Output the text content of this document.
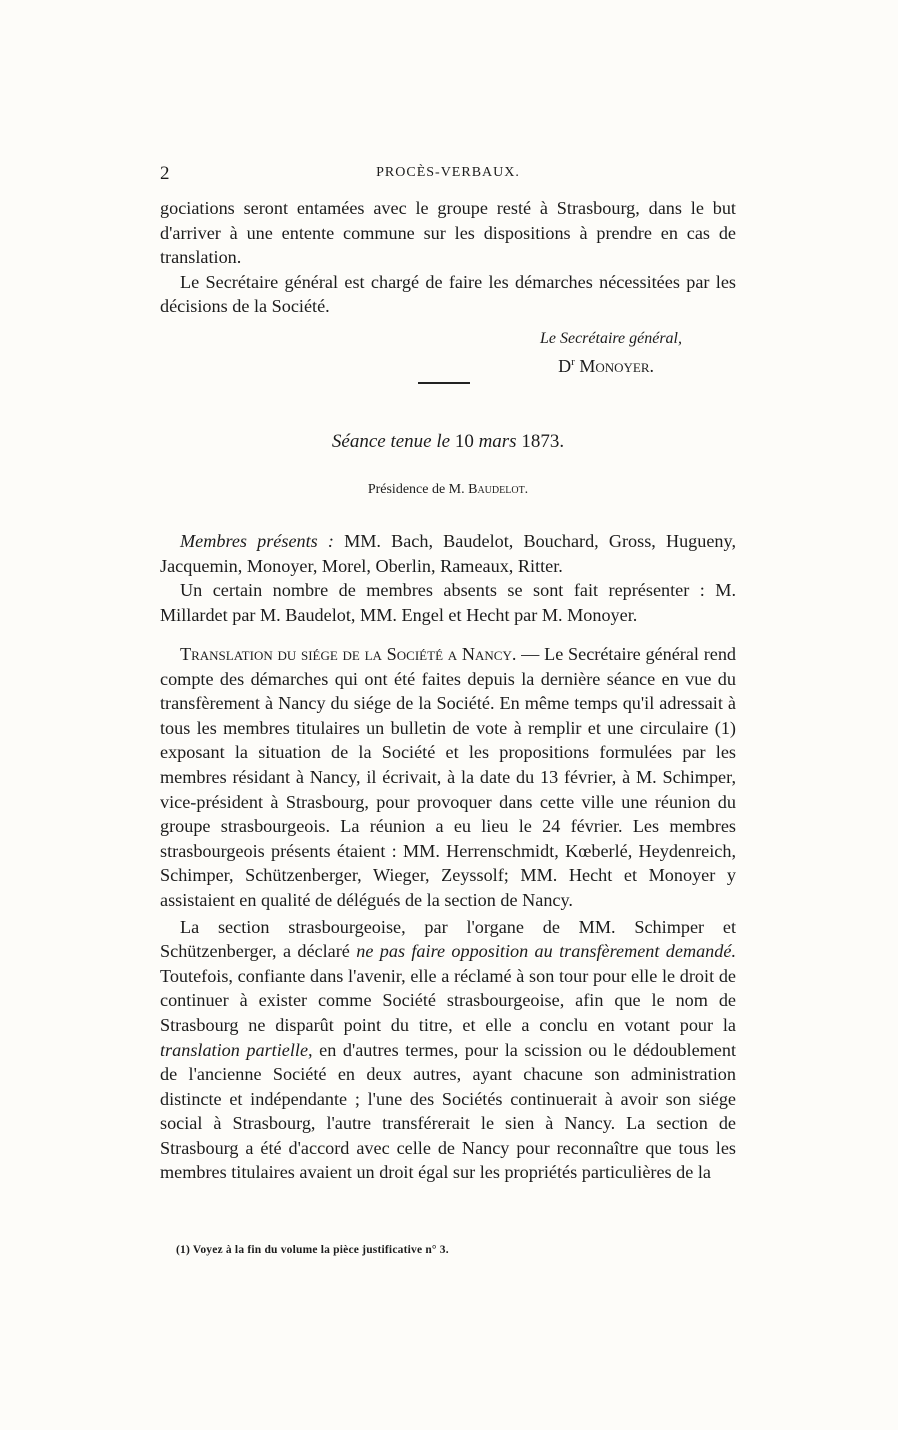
2	PROCÈS-VERBAUX.

gociations seront entamées avec le groupe resté à Strasbourg, dans le but d'arriver à une entente commune sur les dispositions à prendre en cas de translation.

Le Secrétaire général est chargé de faire les démarches nécessitées par les décisions de la Société.

Le Secrétaire général,
$D^r$ Monoyer.
Séance tenue le 10 mars 1873.
Présidence de M. Baudelot.

Membres présents : MM. Bach, Baudelot, Bouchard, Gross, Hugueny, Jacquemin, Monoyer, Morel, Oberlin, Rameaux, Ritter.

Un certain nombre de membres absents se sont fait représenter : M. Millardet par M. Baudelot, MM. Engel et Hecht par M. Monoyer.

Translation du siége de la Société a Nancy. — Le Secrétaire général rend compte des démarches qui ont été faites depuis la dernière séance en vue du transfèrement à Nancy du siége de la Société. En même temps qu'il adressait à tous les membres titulaires un bulletin de vote à remplir et une circulaire (1) exposant la situation de la Société et les propositions formulées par les membres résidant à Nancy, il écrivait, à la date du 13 février, à M. Schimper, vice-président à Strasbourg, pour provoquer dans cette ville une réunion du groupe strasbourgeois. La réunion a eu lieu le 24 février. Les membres strasbourgeois présents étaient : MM. Herrenschmidt, Kœberlé, Heydenreich, Schimper, Schützenberger, Wieger, Zeyssolf; MM. Hecht et Monoyer y assistaient en qualité de délégués de la section de Nancy.

La section strasbourgeoise, par l'organe de MM. Schimper et Schützenberger, a déclaré ne pas faire opposition au transfèrement demandé. Toutefois, confiante dans l'avenir, elle a réclamé à son tour pour elle le droit de continuer à exister comme Société strasbourgeoise, afin que le nom de Strasbourg ne disparût point du titre, et elle a conclu en votant pour la translation partielle, en d'autres termes, pour la scission ou le dédoublement de l'ancienne Société en deux autres, ayant chacune son administration distincte et indépendante ; l'une des Sociétés continuerait à avoir son siége social à Strasbourg, l'autre transférerait le sien à Nancy. La section de Strasbourg a été d'accord avec celle de Nancy pour reconnaître que tous les membres titulaires avaient un droit égal sur les propriétés particulières de la

(1) Voyez à la fin du volume la pièce justificative n° 3.
